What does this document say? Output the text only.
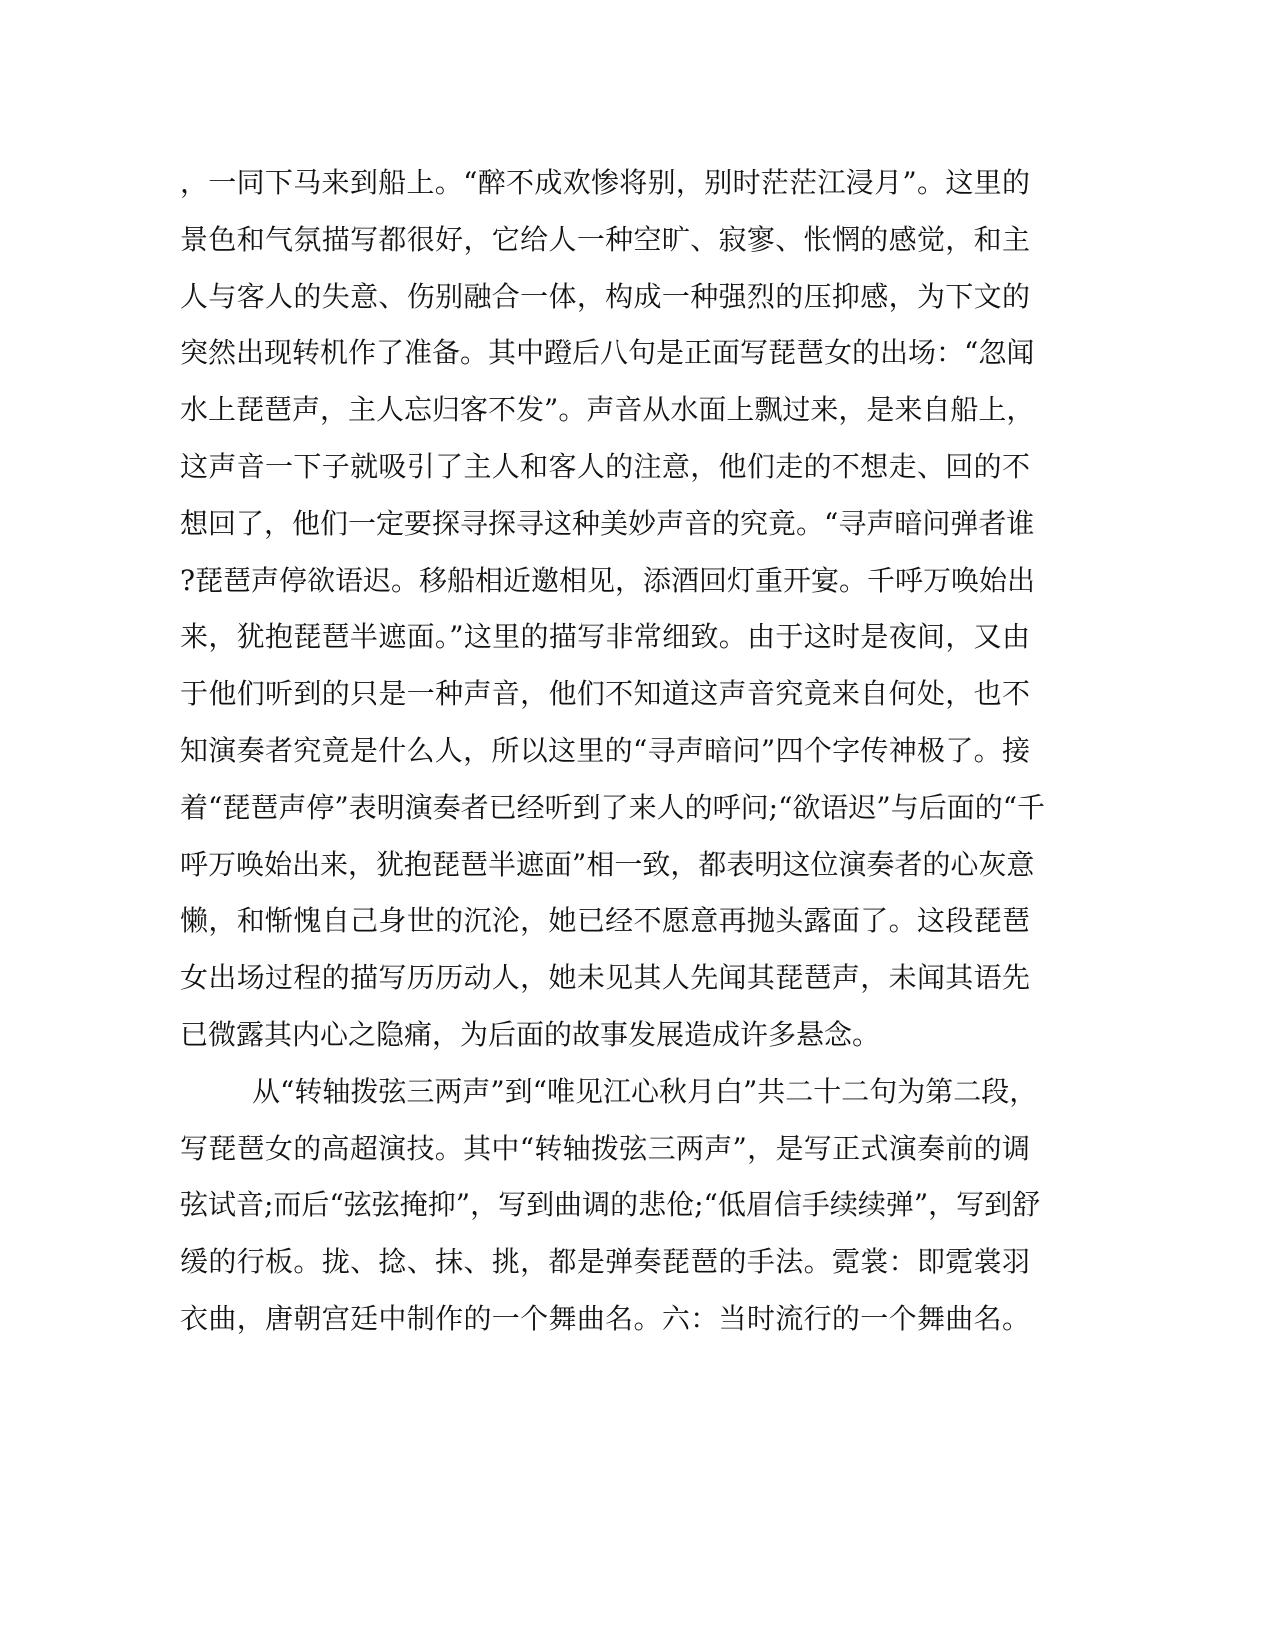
，一同下马来到船上。“醉不成欢惨将别，别时茫茫江浸月”。这里的
景色和气氛描写都很好，它给人一种空旷、寂寥、怅惘的感觉，和主
人与客人的失意、伤别融合一体，构成一种强烈的压抑感，为下文的
突然出现转机作了准备。其中蹬后八句是正面写琵琶女的出场：“忽闻
水上琵琶声，主人忘归客不发”。声音从水面上飘过来，是来自船上，
这声音一下子就吸引了主人和客人的注意，他们走的不想走、回的不
想回了，他们一定要探寻探寻这种美妙声音的究竟。“寻声暗问弹者谁
?琵琶声停欲语迟。移船相近邀相见，添酒回灯重开宴。千呼万唤始出
来，犹抱琵琶半遮面。”这里的描写非常细致。由于这时是夜间，又由
于他们听到的只是一种声音，他们不知道这声音究竟来自何处，也不
知演奏者究竟是什么人，所以这里的“寻声暗问”四个字传神极了。接
着“琵琶声停”表明演奏者已经听到了来人的呼问;“欲语迟”与后面的“千
呼万唤始出来，犹抱琵琶半遮面”相一致，都表明这位演奏者的心灰意
懒，和惭愧自己身世的沉沦，她已经不愿意再抛头露面了。这段琵琶
女出场过程的描写历历动人，她未见其人先闻其琵琶声，未闻其语先
已微露其内心之隐痛，为后面的故事发展造成许多悬念。
从“转轴拨弦三两声”到“唯见江心秋月白”共二十二句为第二段，
写琵琶女的高超演技。其中“转轴拨弦三两声”，是写正式演奏前的调
弦试音;而后“弦弦掩抑”，写到曲调的悲伧;“低眉信手续续弹”，写到舒
缓的行板。拢、捻、抹、挑，都是弹奏琵琶的手法。霓裳：即霓裳羽
衣曲，唐朝宫廷中制作的一个舞曲名。六：当时流行的一个舞曲名。
